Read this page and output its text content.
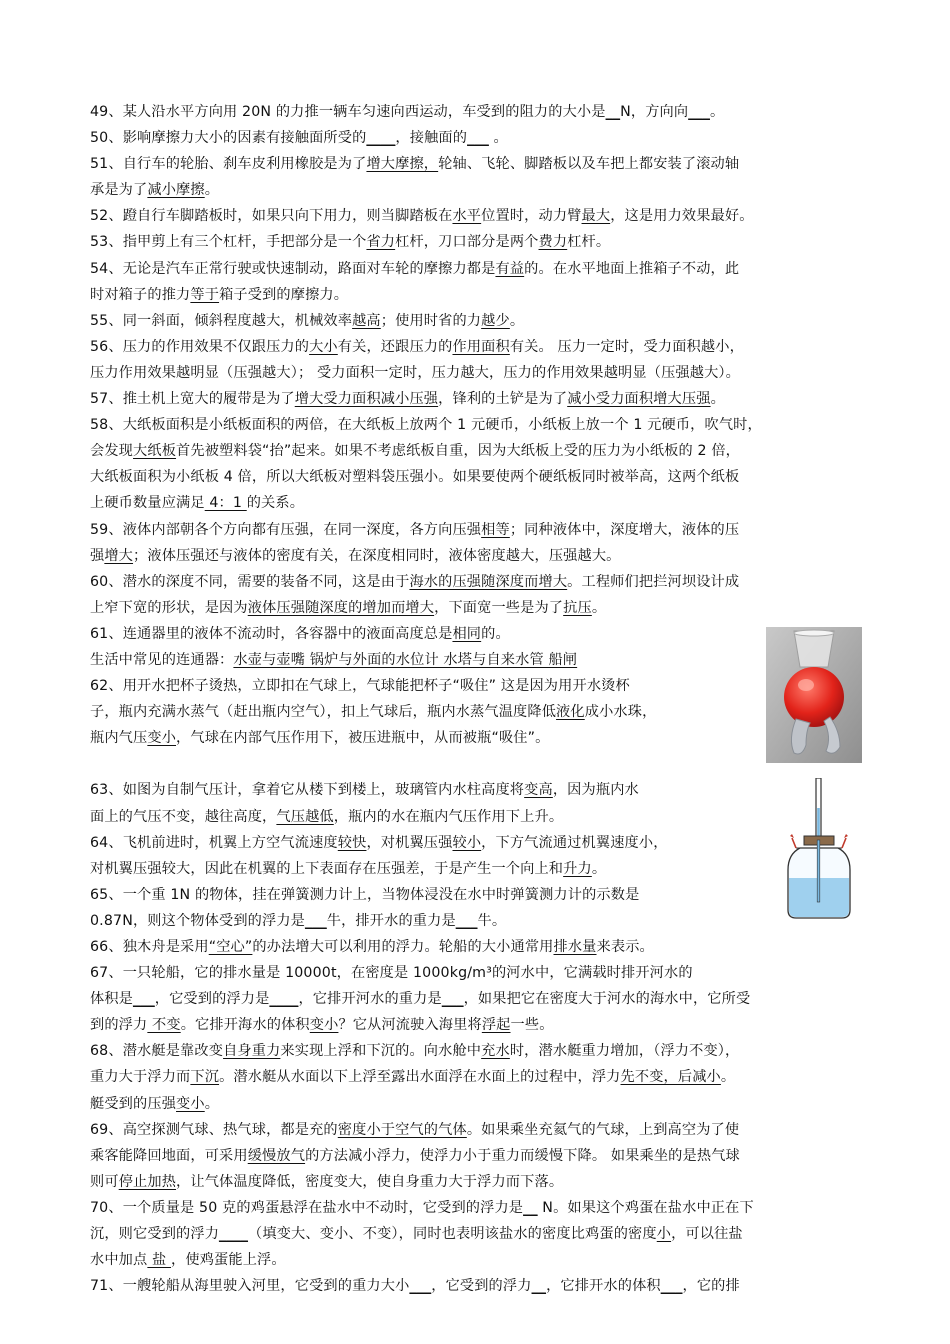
49、某人沿水平方向用 20N 的力推一辆车匀速向西运动，车受到的阻力的大小是__N，方向向___。
50、影响摩擦力大小的因素有接触面所受的____，接触面的___ 。
51、自行车的轮胎、刹车皮利用橡胶是为了增大摩擦，轮轴、飞轮、脚踏板以及车把上都安装了滚动轴
承是为了减小摩擦。
52、蹬自行车脚踏板时，如果只向下用力，则当脚踏板在水平位置时，动力臂最大，这是用力效果最好。
53、指甲剪上有三个杠杆，手把部分是一个省力杠杆，刀口部分是两个费力杠杆。
54、无论是汽车正常行驶或快速制动，路面对车轮的摩擦力都是有益的。在水平地面上推箱子不动，此
时对箱子的推力等于箱子受到的摩擦力。
55、同一斜面，倾斜程度越大，机械效率越高；使用时省的力越少。
56、压力的作用效果不仅跟压力的大小有关，还跟压力的作用面积有关。 压力一定时，受力面积越小，
压力作用效果越明显（压强越大）； 受力面积一定时，压力越大，压力的作用效果越明显（压强越大）。
57、推土机上宽大的履带是为了增大受力面积减小压强，锋利的土铲是为了减小受力面积增大压强。
58、大纸板面积是小纸板面积的两倍，在大纸板上放两个 1 元硬币，小纸板上放一个 1 元硬币，吹气时，
会发现大纸板首先被塑料袋“抬”起来。如果不考虑纸板自重，因为大纸板上受的压力为小纸板的 2 倍，
大纸板面积为小纸板 4 倍，所以大纸板对塑料袋压强小。如果要使两个硬纸板同时被举高，这两个纸板
上硬币数量应满足 4：1 的关系。
59、液体内部朝各个方向都有压强，在同一深度，各方向压强相等；同种液体中，深度增大，液体的压
强增大；液体压强还与液体的密度有关，在深度相同时，液体密度越大，压强越大。
60、潜水的深度不同，需要的装备不同，这是由于海水的压强随深度而增大。工程师们把拦河坝设计成
上窄下宽的形状，是因为液体压强随深度的增加而增大，下面宽一些是为了抗压。
61、连通器里的液体不流动时，各容器中的液面高度总是相同的。
生活中常见的连通器：水壶与壶嘴 锅炉与外面的水位计 水塔与自来水管 船闸
62、用开水把杯子烫热，立即扣在气球上，气球能把杯子“吸住” 这是因为用开水烫杯
子，瓶内充满水蒸气（赶出瓶内空气），扣上气球后，瓶内水蒸气温度降低液化成小水珠，
瓶内气压变小，气球在内部气压作用下，被压进瓶中，从而被瓶“吸住”。
63、如图为自制气压计，拿着它从楼下到楼上，玻璃管内水柱高度将变高，因为瓶内水
面上的气压不变，越往高度，气压越低，瓶内的水在瓶内气压作用下上升。
64、飞机前进时，机翼上方空气流速度较快，对机翼压强较小，下方气流通过机翼速度小，
对机翼压强较大，因此在机翼的上下表面存在压强差，于是产生一个向上和升力。
65、一个重 1N 的物体，挂在弹簧测力计上，当物体浸没在水中时弹簧测力计的示数是
0.87N，则这个物体受到的浮力是___牛，排开水的重力是___牛。
66、独木舟是采用“空心”的办法增大可以利用的浮力。轮船的大小通常用排水量来表示。
67、一只轮船，它的排水量是 10000t，在密度是 1000kg/m³的河水中，它满载时排开河水的
体积是___，它受到的浮力是____，它排开河水的重力是___，如果把它在密度大于河水的海水中，它所受
到的浮力 不变。它排开海水的体积变小？它从河流驶入海里将浮起一些。
68、潜水艇是靠改变自身重力来实现上浮和下沉的。向水舱中充水时，潜水艇重力增加，（浮力不变），
重力大于浮力而下沉。潜水艇从水面以下上浮至露出水面浮在水面上的过程中，浮力先不变，后减小。
艇受到的压强变小。
69、高空探测气球、热气球，都是充的密度小于空气的气体。如果乘坐充氦气的气球，上到高空为了使
乘客能降回地面，可采用缓慢放气的方法减小浮力，使浮力小于重力而缓慢下降。 如果乘坐的是热气球
则可停止加热，让气体温度降低，密度变大，使自身重力大于浮力而下落。
70、一个质量是 50 克的鸡蛋悬浮在盐水中不动时，它受到的浮力是__ N。如果这个鸡蛋在盐水中正在下
沉，则它受到的浮力____（填变大、变小、不变），同时也表明该盐水的密度比鸡蛋的密度小，可以往盐
水中加点 盐 ，使鸡蛋能上浮。
71、一艘轮船从海里驶入河里，它受到的重力大小___，它受到的浮力__，它排开水的体积___，它的排
